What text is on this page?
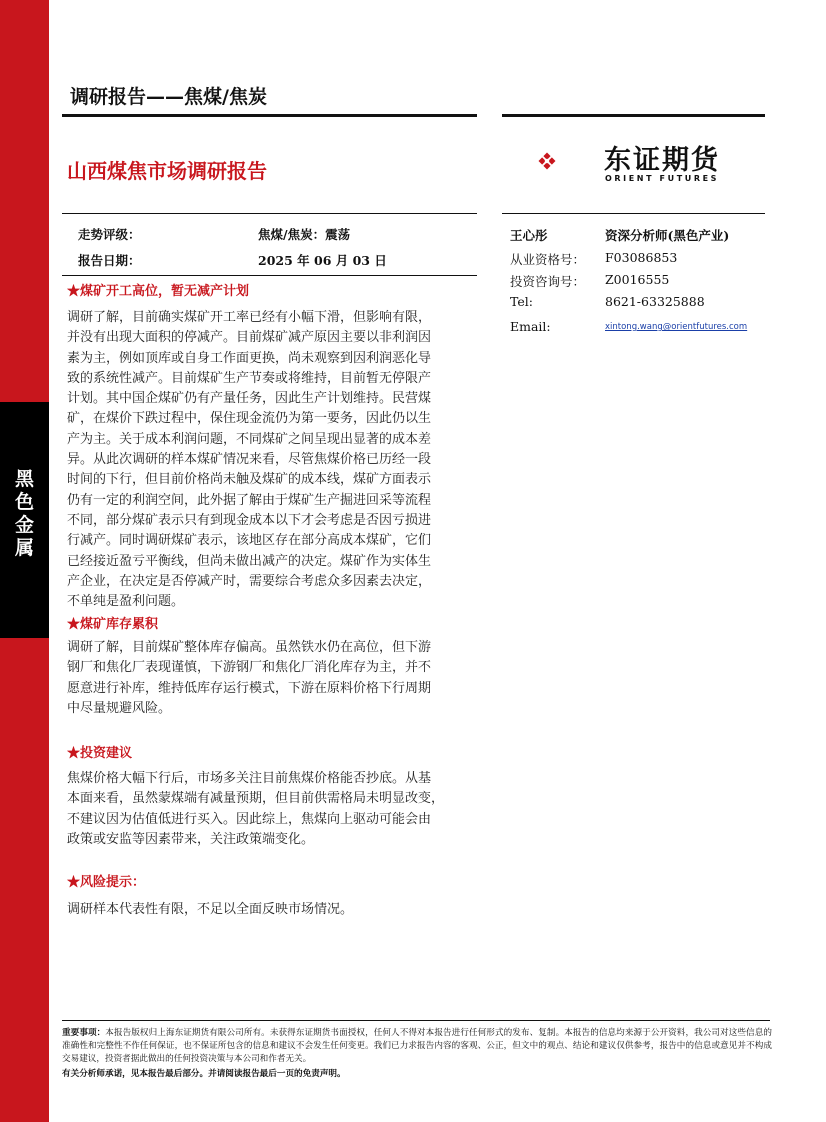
黑
色
金
属
调研报告——焦煤/焦炭
山西煤焦市场调研报告	东证期货
ORIENT FUTURES
走势评级：	焦煤/焦炭：震荡
报告日期：	2025 年 06 月 03 日
王心彤	资深分析师(黑色产业)
从业资格号： F03086853
投资咨询号： Z0016555
Tel:	8621-63325888
Email:	xintong.wang@orientfutures.com
★煤矿开工高位，暂无减产计划
调研了解，目前确实煤矿开工率已经有小幅下滑，但影响有限，
并没有出现大面积的停减产。目前煤矿减产原因主要以非利润因
素为主，例如顶库或自身工作面更换，尚未观察到因利润恶化导
致的系统性减产。目前煤矿生产节奏或将维持，目前暂无停限产
计划。其中国企煤矿仍有产量任务，因此生产计划维持。民营煤
矿，在煤价下跌过程中，保住现金流仍为第一要务，因此仍以生
产为主。关于成本利润问题，不同煤矿之间呈现出显著的成本差
异。从此次调研的样本煤矿情况来看，尽管焦煤价格已历经一段
时间的下行，但目前价格尚未触及煤矿的成本线，煤矿方面表示
仍有一定的利润空间，此外据了解由于煤矿生产掘进回采等流程
不同，部分煤矿表示只有到现金成本以下才会考虑是否因亏损进
行减产。同时调研煤矿表示，该地区存在部分高成本煤矿，它们
已经接近盈亏平衡线，但尚未做出减产的决定。煤矿作为实体生
产企业，在决定是否停减产时，需要综合考虑众多因素去决定，
不单纯是盈利问题。
★煤矿库存累积
调研了解，目前煤矿整体库存偏高。虽然铁水仍在高位，但下游
钢厂和焦化厂表现谨慎，下游钢厂和焦化厂消化库存为主，并不
愿意进行补库，维持低库存运行模式，下游在原料价格下行周期
中尽量规避风险。
★投资建议
焦煤价格大幅下行后，市场多关注目前焦煤价格能否抄底。从基
本面来看，虽然蒙煤端有减量预期，但目前供需格局未明显改变，
不建议因为估值低进行买入。因此综上，焦煤向上驱动可能会由
政策或安监等因素带来，关注政策端变化。
★风险提示：
调研样本代表性有限，不足以全面反映市场情况。
重要事项：本报告版权归上海东证期货有限公司所有。未获得东证期货书面授权，任何人不得对本报告进行任何形式的发布、复制。本报告的信息均来源于公开资料，我公司对这些信息的准确性和完整性不作任何保证，也不保证所包含的信息和建议不会发生任何变更。我们已力求报告内容的客观、公正，但文中的观点、结论和建议仅供参考，报告中的信息或意见并不构成交易建议，投资者据此做出的任何投资决策与本公司和作者无关。
有关分析师承诺，见本报告最后部分。并请阅读报告最后一页的免责声明。
